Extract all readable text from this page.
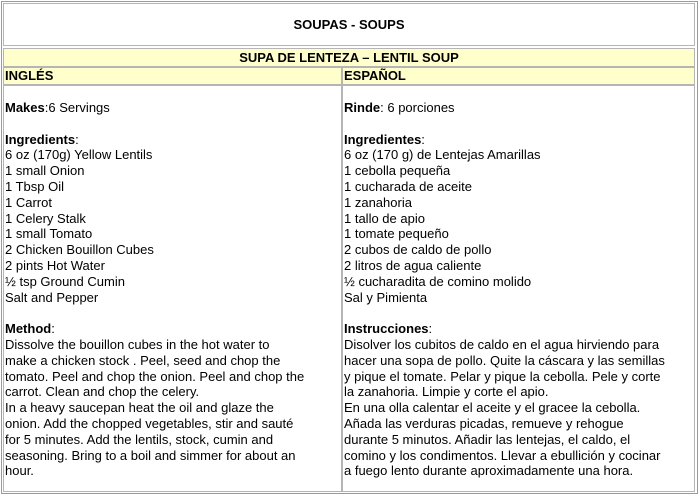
SOUPAS - SOUPS
SUPA DE LENTEZA – LENTIL SOUP
INGLÉS	ESPAÑOL

Makes:6 Servings

Ingredients:

6 oz (170g) Yellow Lentils
1 small Onion
1 Tbsp Oil
1 Carrot
1 Celery Stalk
1 small Tomato
2 Chicken Bouillon Cubes
2 pints Hot Water
½ tsp Ground Cumin
Salt and Pepper

Method:

Dissolve the bouillon cubes in the hot water to
make a chicken stock . Peel, seed and chop the
tomato. Peel and chop the onion. Peel and chop the
carrot. Clean and chop the celery.
In a heavy saucepan heat the oil and glaze the
onion. Add the chopped vegetables, stir and sauté
for 5 minutes. Add the lentils, stock, cumin and
seasoning. Bring to a boil and simmer for about an
hour.

Rinde: 6 porciones

Ingredientes:

6 oz (170 g) de Lentejas Amarillas
1 cebolla pequeña
1 cucharada de aceite
1 zanahoria
1 tallo de apio
1 tomate pequeño
2 cubos de caldo de pollo
2 litros de agua caliente
½ cucharadita de comino molido
Sal y Pimienta

Instrucciones:

Disolver los cubitos de caldo en el agua hirviendo para
hacer una sopa de pollo. Quite la cáscara y las semillas
y pique el tomate. Pelar y pique la cebolla. Pele y corte
la zanahoria. Limpie y corte el apio.
En una olla calentar el aceite y el gracee la cebolla.
Añada las verduras picadas, remueve y rehogue
durante 5 minutos. Añadir las lentejas, el caldo, el
comino y los condimentos. Llevar a ebullición y cocinar
a fuego lento durante aproximadamente una hora.
